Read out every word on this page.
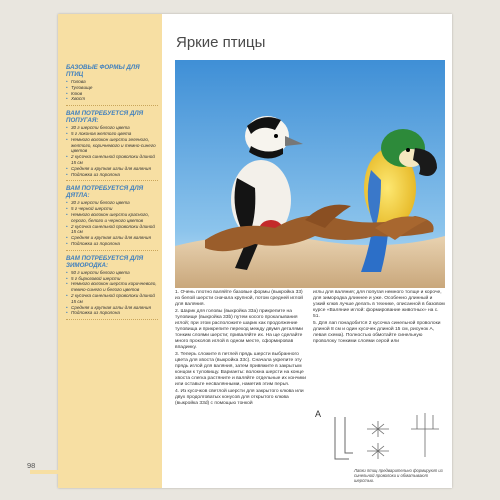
БАЗОВЫЕ ФОРМЫ ДЛЯ ПТИЦ
• Голова
• Туловище
• Клюв
• Хвост
ВАМ ПОТРЕБУЕТСЯ ДЛЯ ПОПУГАЯ:
• 30 г шерсти белого цвета
• 5 г локонов желтого цвета
• Немного волокон шерсти зеленого, желтого, коричневого и темно-синего цветов
• 2 кусочка синельной проволоки длиной 15 см
• Средняя и крупная иглы для валяния
• Подложка из поролона
ВАМ ПОТРЕБУЕТСЯ ДЛЯ ДЯТЛА:
• 30 г шерсти белого цвета
• 5 г черной шерсти
• Немного волокон шерсти красного, серого, белого и черного цветов
• 2 кусочка синельной проволоки длиной 15 см
• Средняя и крупная иглы для валяния
• Подложка из поролона
ВАМ ПОТРЕБУЕТСЯ ДЛЯ ЗИМОРОДКА:
• 50 г шерсти белого цвета
• 5 г бирюзовой шерсти
• Немного волокон шерсти коричневого, темно-синего и белого цветов
• 2 кусочка синельной проволоки длиной 15 см
• Средняя и крупная иглы для валяния
• Подложка из поролона
Яркие птицы

1. Очень плотно валяйте базовые формы (выкройка 33) из белой шерсти сначала крупной, потом средней иглой для валяния.

2. Шарик для головы (выкройка 33а) прикрепите на туловище (выкройка 33b) путем косого прокалывания иглой; при этом расположите шарик как продолжение туловища и прикрепите переход между двумя деталями тонким слоями шерсти; приваляйте их. На ще сделайте много проколов иглой в одном месте, сформировав впадинку.

3. Теперь сложите в петлей прядь шерсти выбранного цвета для хвоста (выкройка 33с). Сначала укрепите эту прядь иглой для валяния, затем привяжите в закрытым концом к туловищу. Варианты: волокна шерсти на конце хвоста слегка растяните и валяйте отдельные их кончики или оставьте несвалянными, наметив этим перья.

4. Из кусочков светлой шерсти для закрытого клюва или двух продолговатых конусов для открытого клюва (выкройка 33d) с помощью тонкой

иглы для валяния; для попугая немного толще и короче, для зимородка длиннее и уже. Особенно длинный и узкий клюв лучше делать в технике, описанной в базовом курсе «Валяние иглой: формирование животных» на с. 51.

5. Для лап понадобится 2 кусочка синельной проволоки длиной 8 см и один кусочек длиной 15 см, рисунок А, левая схема). Полностью обмотайте синельную проволоку тонкими слоями серой или

A
Лапки птиц предварительно формируют из синельной проволоки и обматывают шерстью.
98
